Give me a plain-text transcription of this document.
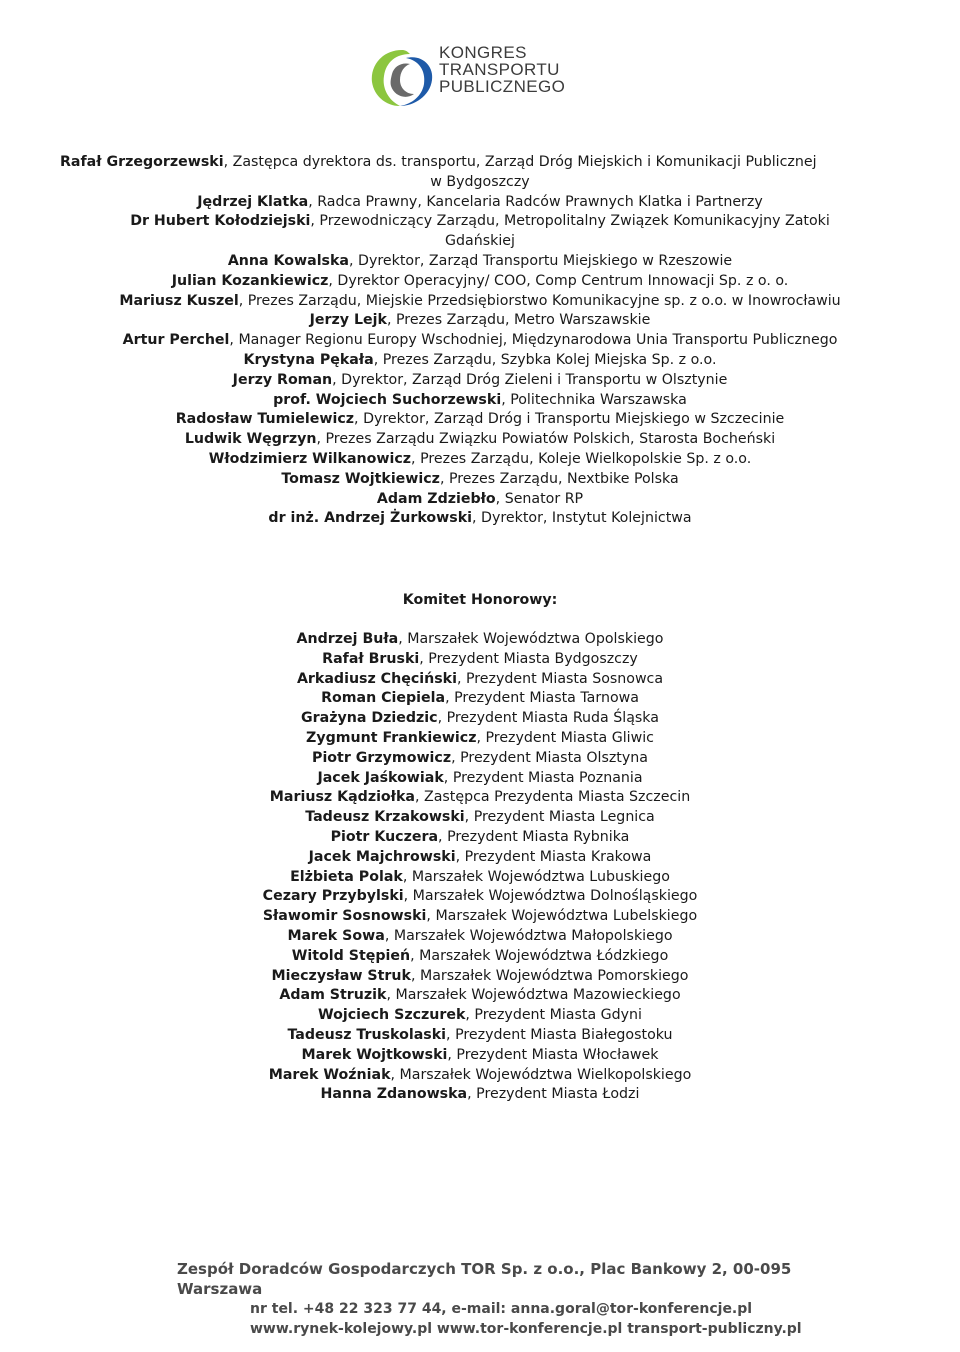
KONGRES
TRANSPORTU
PUBLICZNEGO
Rafał Grzegorzewski, Zastępca dyrektora ds. transportu, Zarząd Dróg Miejskich i Komunikacji Publicznej
w Bydgoszczy
Jędrzej Klatka, Radca Prawny, Kancelaria Radców Prawnych Klatka i Partnerzy
Dr Hubert Kołodziejski, Przewodniczący Zarządu, Metropolitalny Związek Komunikacyjny Zatoki
Gdańskiej
Anna Kowalska, Dyrektor, Zarząd Transportu Miejskiego w Rzeszowie
Julian Kozankiewicz, Dyrektor Operacyjny/ COO, Comp Centrum Innowacji Sp. z o. o.
Mariusz Kuszel, Prezes Zarządu, Miejskie Przedsiębiorstwo Komunikacyjne sp. z o.o. w Inowrocławiu
Jerzy Lejk, Prezes Zarządu, Metro Warszawskie
Artur Perchel, Manager Regionu Europy Wschodniej, Międzynarodowa Unia Transportu Publicznego
Krystyna Pękała, Prezes Zarządu, Szybka Kolej Miejska Sp. z o.o.
Jerzy Roman, Dyrektor, Zarząd Dróg Zieleni i Transportu w Olsztynie
prof. Wojciech Suchorzewski, Politechnika Warszawska
Radosław Tumielewicz, Dyrektor, Zarząd Dróg i Transportu Miejskiego w Szczecinie
Ludwik Węgrzyn, Prezes Zarządu Związku Powiatów Polskich, Starosta Bocheński
Włodzimierz Wilkanowicz, Prezes Zarządu, Koleje Wielkopolskie Sp. z o.o.
Tomasz Wojtkiewicz, Prezes Zarządu, Nextbike Polska
Adam Zdziebło, Senator RP
dr inż. Andrzej Żurkowski, Dyrektor, Instytut Kolejnictwa
Komitet Honorowy:
Andrzej Buła, Marszałek Województwa Opolskiego
Rafał Bruski, Prezydent Miasta Bydgoszczy
Arkadiusz Chęciński, Prezydent Miasta Sosnowca
Roman Ciepiela, Prezydent Miasta Tarnowa
Grażyna Dziedzic, Prezydent Miasta Ruda Śląska
Zygmunt Frankiewicz, Prezydent Miasta Gliwic
Piotr Grzymowicz, Prezydent Miasta Olsztyna
Jacek Jaśkowiak, Prezydent Miasta Poznania
Mariusz Kądziołka, Zastępca Prezydenta Miasta Szczecin
Tadeusz Krzakowski, Prezydent Miasta Legnica
Piotr Kuczera, Prezydent Miasta Rybnika
Jacek Majchrowski, Prezydent Miasta Krakowa
Elżbieta Polak, Marszałek Województwa Lubuskiego
Cezary Przybylski, Marszałek Województwa Dolnośląskiego
Sławomir Sosnowski, Marszałek Województwa Lubelskiego
Marek Sowa, Marszałek Województwa Małopolskiego
Witold Stępień, Marszałek Województwa Łódzkiego
Mieczysław Struk, Marszałek Województwa Pomorskiego
Adam Struzik, Marszałek Województwa Mazowieckiego
Wojciech Szczurek, Prezydent Miasta Gdyni
Tadeusz Truskolaski, Prezydent Miasta Białegostoku
Marek Wojtkowski, Prezydent Miasta Włocławek
Marek Woźniak, Marszałek Województwa Wielkopolskiego
Hanna Zdanowska, Prezydent Miasta Łodzi
Zespół Doradców Gospodarczych TOR Sp. z o.o., Plac Bankowy 2, 00-095 Warszawa
nr tel. +48 22 323 77 44, e-mail: anna.goral@tor-konferencje.pl
www.rynek-kolejowy.pl www.tor-konferencje.pl transport-publiczny.pl
